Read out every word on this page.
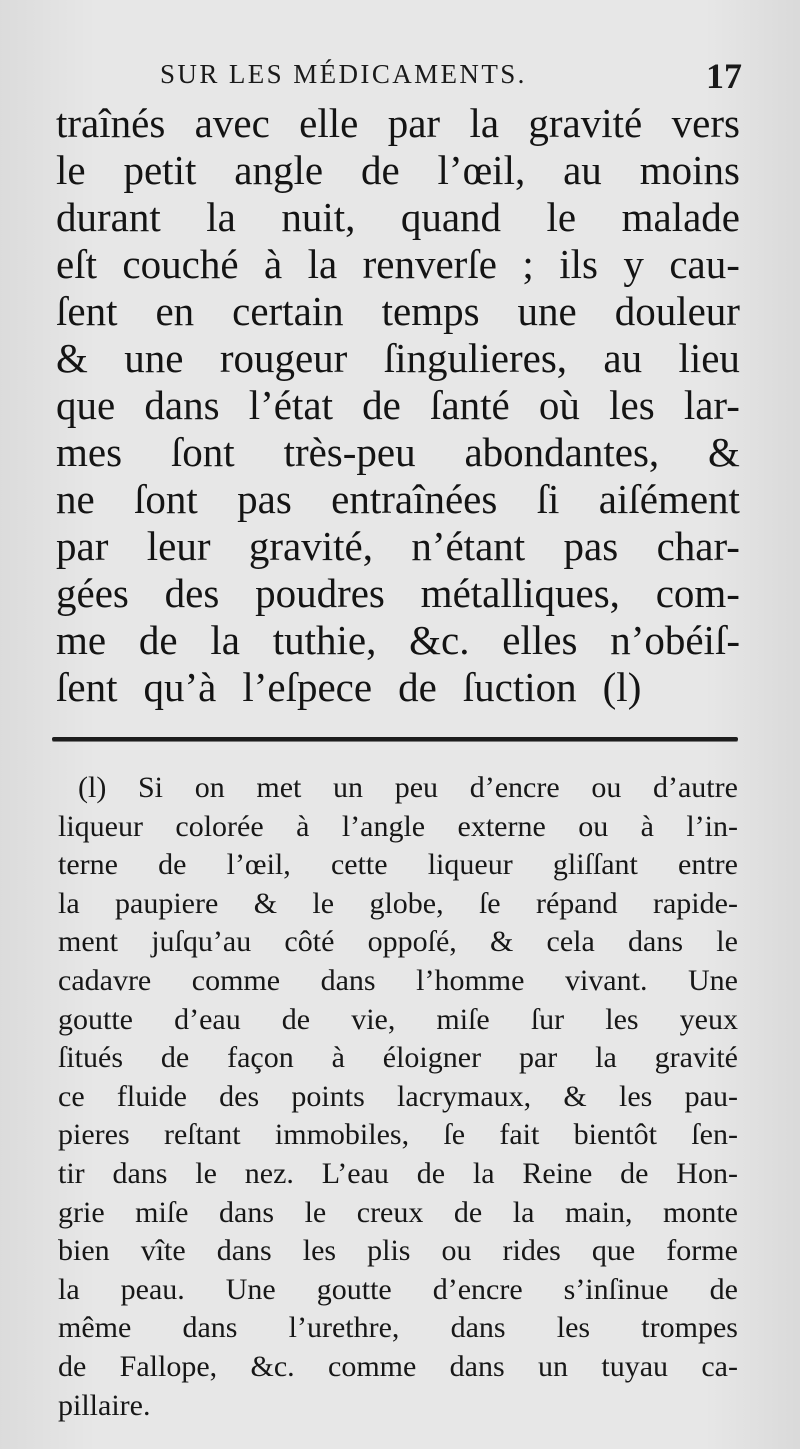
SUR LES MÉDICAMENTS.	17
traînés avec elle par la gravité vers
le petit angle de l’œil, au moins
durant la nuit, quand le malade
eſt couché à la renverſe ; ils y cau-
ſent en certain temps une douleur
& une rougeur ſingulieres, au lieu
que dans l’état de ſanté où les lar-
mes ſont très-peu abondantes, &
ne ſont pas entraînées ſi aiſément
par leur gravité, n’étant pas char-
gées des poudres métalliques, com-
me de la tuthie, &c. elles n’obéiſ-
ſent qu’à l’eſpece de ſuction (l)
(l) Si on met un peu d’encre ou d’autre
liqueur colorée à l’angle externe ou à l’in-
terne de l’œil, cette liqueur gliſſant entre
la paupiere & le globe, ſe répand rapide-
ment juſqu’au côté oppoſé, & cela dans le
cadavre comme dans l’homme vivant. Une
goutte d’eau de vie, miſe ſur les yeux
ſitués de façon à éloigner par la gravité
ce fluide des points lacrymaux, & les pau-
pieres reſtant immobiles, ſe fait bientôt ſen-
tir dans le nez. L’eau de la Reine de Hon-
grie miſe dans le creux de la main, monte
bien vîte dans les plis ou rides que forme
la peau. Une goutte d’encre s’inſinue de
même dans l’urethre, dans les trompes
de Fallope, &c. comme dans un tuyau ca-
pillaire.
